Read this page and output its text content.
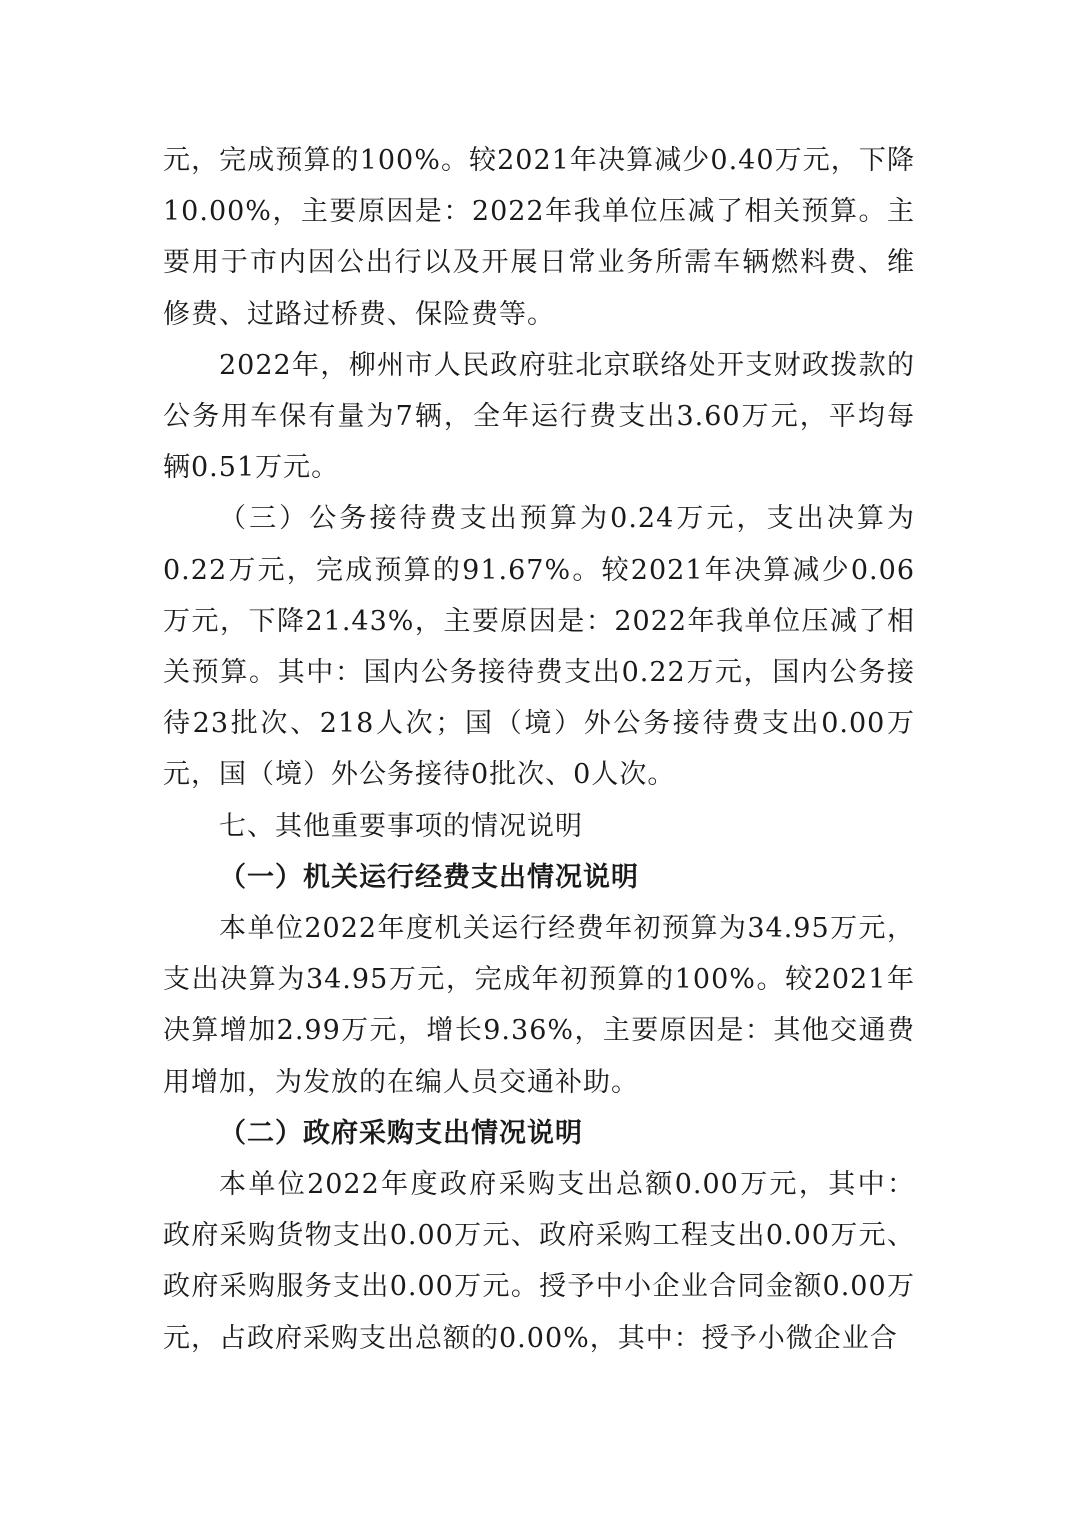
元，完成预算的100%。较2021年决算减少0.40万元，下降10.00%，主要原因是：2022年我单位压减了相关预算。主要用于市内因公出行以及开展日常业务所需车辆燃料费、维修费、过路过桥费、保险费等。

2022年，柳州市人民政府驻北京联络处开支财政拨款的公务用车保有量为7辆，全年运行费支出3.60万元，平均每辆0.51万元。

（三）公务接待费支出预算为0.24万元，支出决算为0.22万元，完成预算的91.67%。较2021年决算减少0.06万元，下降21.43%，主要原因是：2022年我单位压减了相关预算。其中：国内公务接待费支出0.22万元，国内公务接待23批次、218人次；国（境）外公务接待费支出0.00万元，国（境）外公务接待0批次、0人次。

七、其他重要事项的情况说明

（一）机关运行经费支出情况说明

本单位2022年度机关运行经费年初预算为34.95万元，支出决算为34.95万元，完成年初预算的100%。较2021年决算增加2.99万元，增长9.36%，主要原因是：其他交通费用增加，为发放的在编人员交通补助。

（二）政府采购支出情况说明

本单位2022年度政府采购支出总额0.00万元，其中：政府采购货物支出0.00万元、政府采购工程支出0.00万元、政府采购服务支出0.00万元。授予中小企业合同金额0.00万元，占政府采购支出总额的0.00%，其中：授予小微企业合
